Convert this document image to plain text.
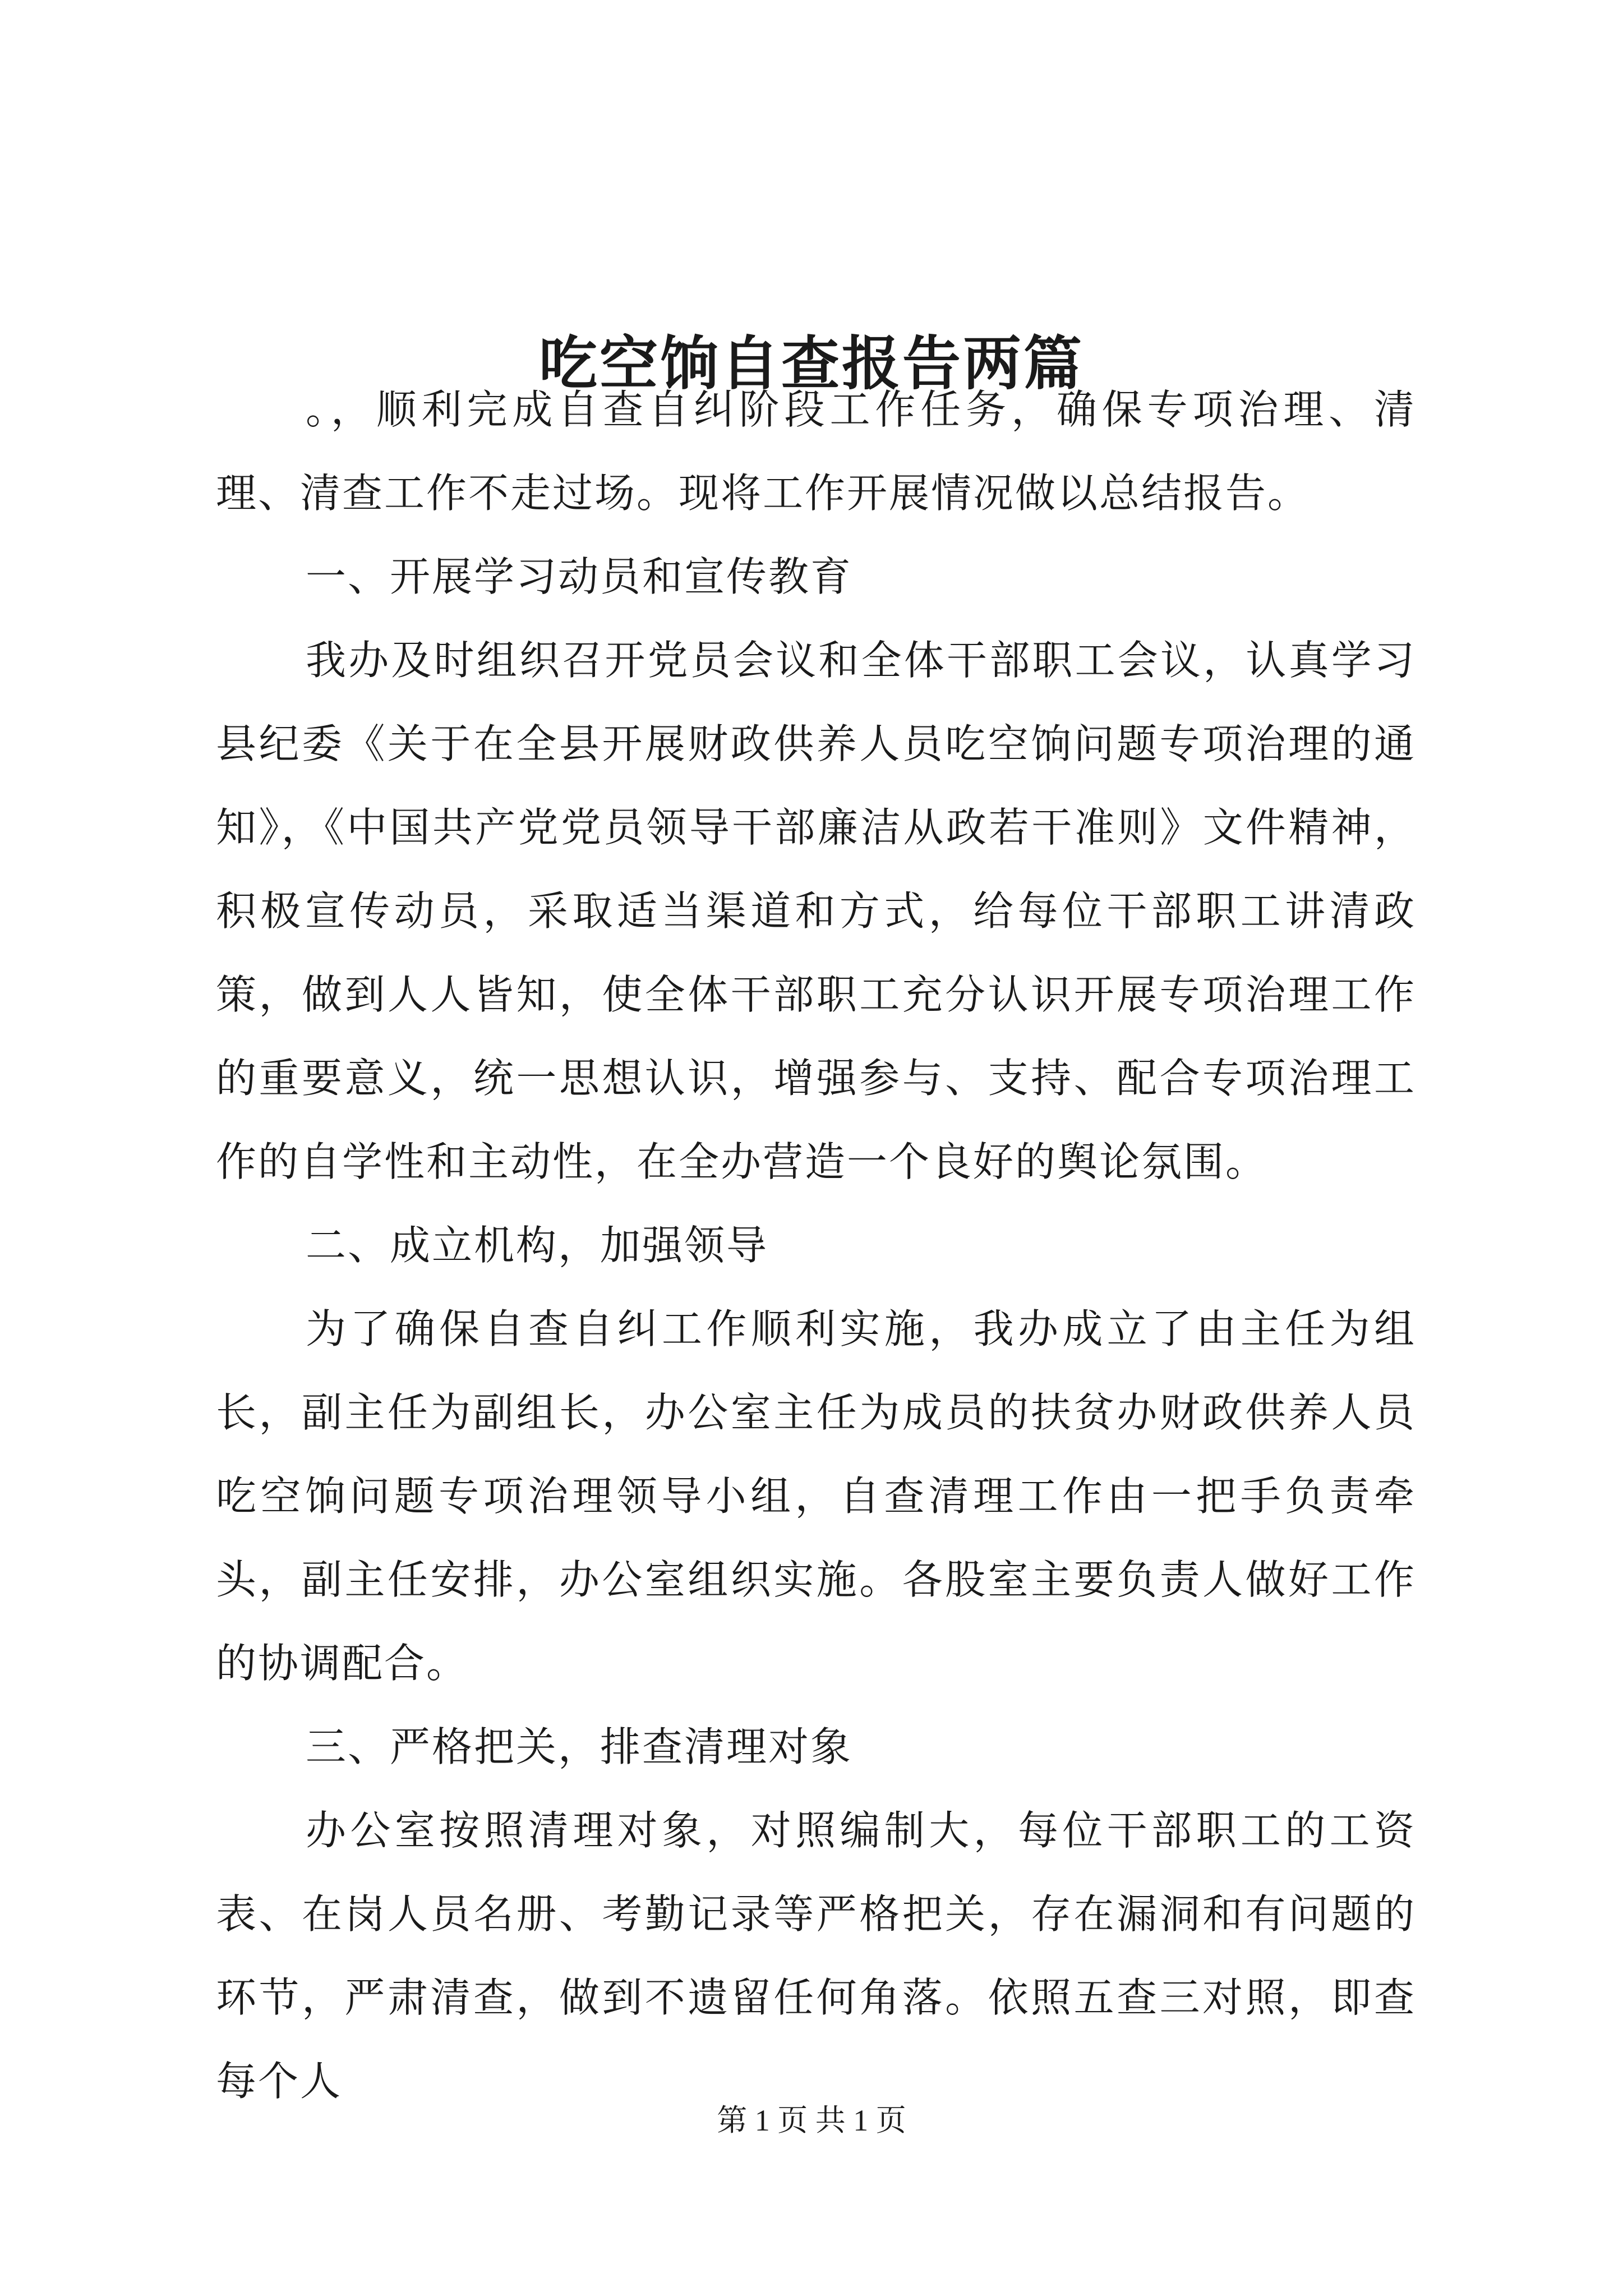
吃空饷自查报告两篇

。，顺利完成自查自纠阶段工作任务，确保专项治理、清理、清查工作不走过场。现将工作开展情况做以总结报告。

一、开展学习动员和宣传教育

我办及时组织召开党员会议和全体干部职工会议，认真学习县纪委《关于在全县开展财政供养人员吃空饷问题专项治理的通知》，《中国共产党党员领导干部廉洁从政若干准则》文件精神，积极宣传动员，采取适当渠道和方式，给每位干部职工讲清政策，做到人人皆知，使全体干部职工充分认识开展专项治理工作的重要意义，统一思想认识，增强参与、支持、配合专项治理工作的自学性和主动性，在全办营造一个良好的舆论氛围。

二、成立机构，加强领导

为了确保自查自纠工作顺利实施，我办成立了由主任为组长，副主任为副组长，办公室主任为成员的扶贫办财政供养人员吃空饷问题专项治理领导小组，自查清理工作由一把手负责牵头，副主任安排，办公室组织实施。各股室主要负责人做好工作的协调配合。

三、严格把关，排查清理对象

办公室按照清理对象，对照编制大，每位干部职工的工资表、在岗人员名册、考勤记录等严格把关，存在漏洞和有问题的环节，严肃清查，做到不遗留任何角落。依照五查三对照，即查每个人

第 1 页 共 1 页
